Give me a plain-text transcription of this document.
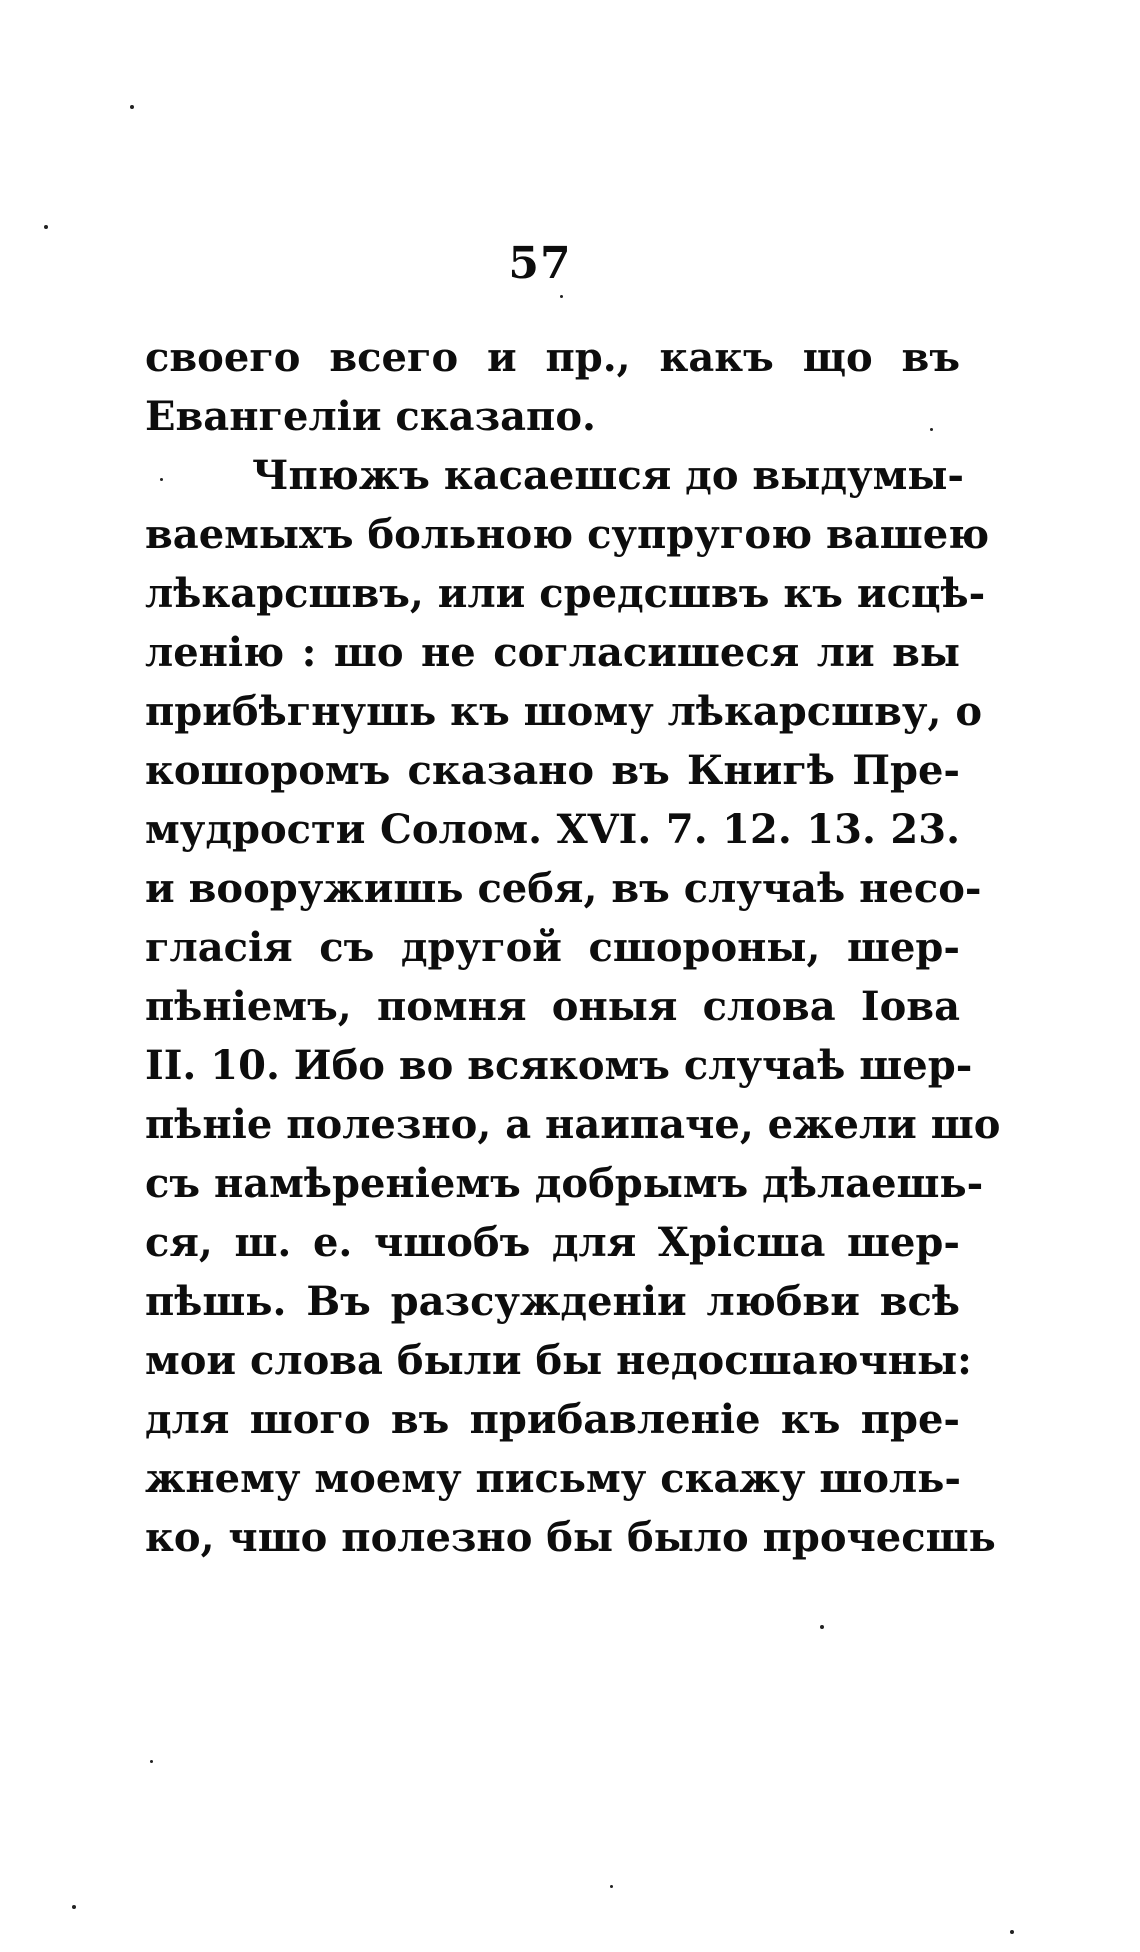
57
своего всего и пр., какъ що въ
Евангеліи сказапо.
Чпюжъ касаешся до выдумы-
ваемыхъ больною супругою вашею
лѣкарсшвъ, или средсшвъ къ исцѣ-
ленію : шо не согласишеся ли вы
прибѣгнушь къ шому лѣкарсшву, о
кошоромъ сказано въ Книгѣ Пре-
мудрости Солом. XVI. 7. 12. 13. 23.
и вооружишь себя, въ случаѣ несо-
гласія съ другой сшороны, шер-
пѣніемъ, помня оныя слова Іова
II. 10. Ибо во всякомъ случаѣ шер-
пѣніе полезно, а наипаче, ежели шо
съ намѣреніемъ добрымъ дѣлаешь-
ся, ш. е. чшобъ для Хрісша шер-
пѣшь. Въ разсужденіи любви всѣ
мои слова были бы недосшаючны:
для шого въ прибавленіе къ пре-
жнему моему письму скажу шоль-
ко, чшо полезно бы было прочесшь
